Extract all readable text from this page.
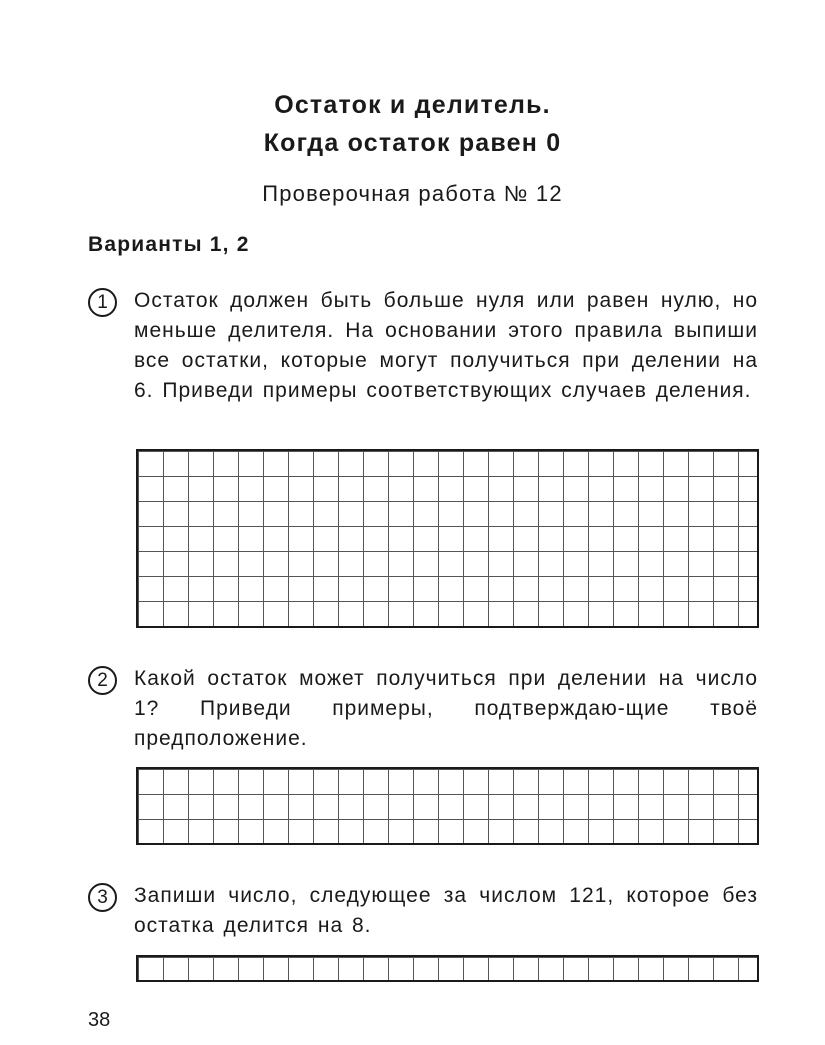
Остаток и делитель.
Когда остаток равен 0
Проверочная работа № 12
Варианты 1, 2
1	Остаток должен быть больше нуля или равен нулю, но меньше делителя. На основании этого правила выпиши все остатки, которые могут получиться при делении на 6. Приведи примеры соответствующих случаев деления.
2	Какой остаток может получиться при делении на число 1? Приведи примеры, подтверждаю-щие твоё предположение.
3	Запиши число, следующее за числом 121, которое без остатка делится на 8.
38
